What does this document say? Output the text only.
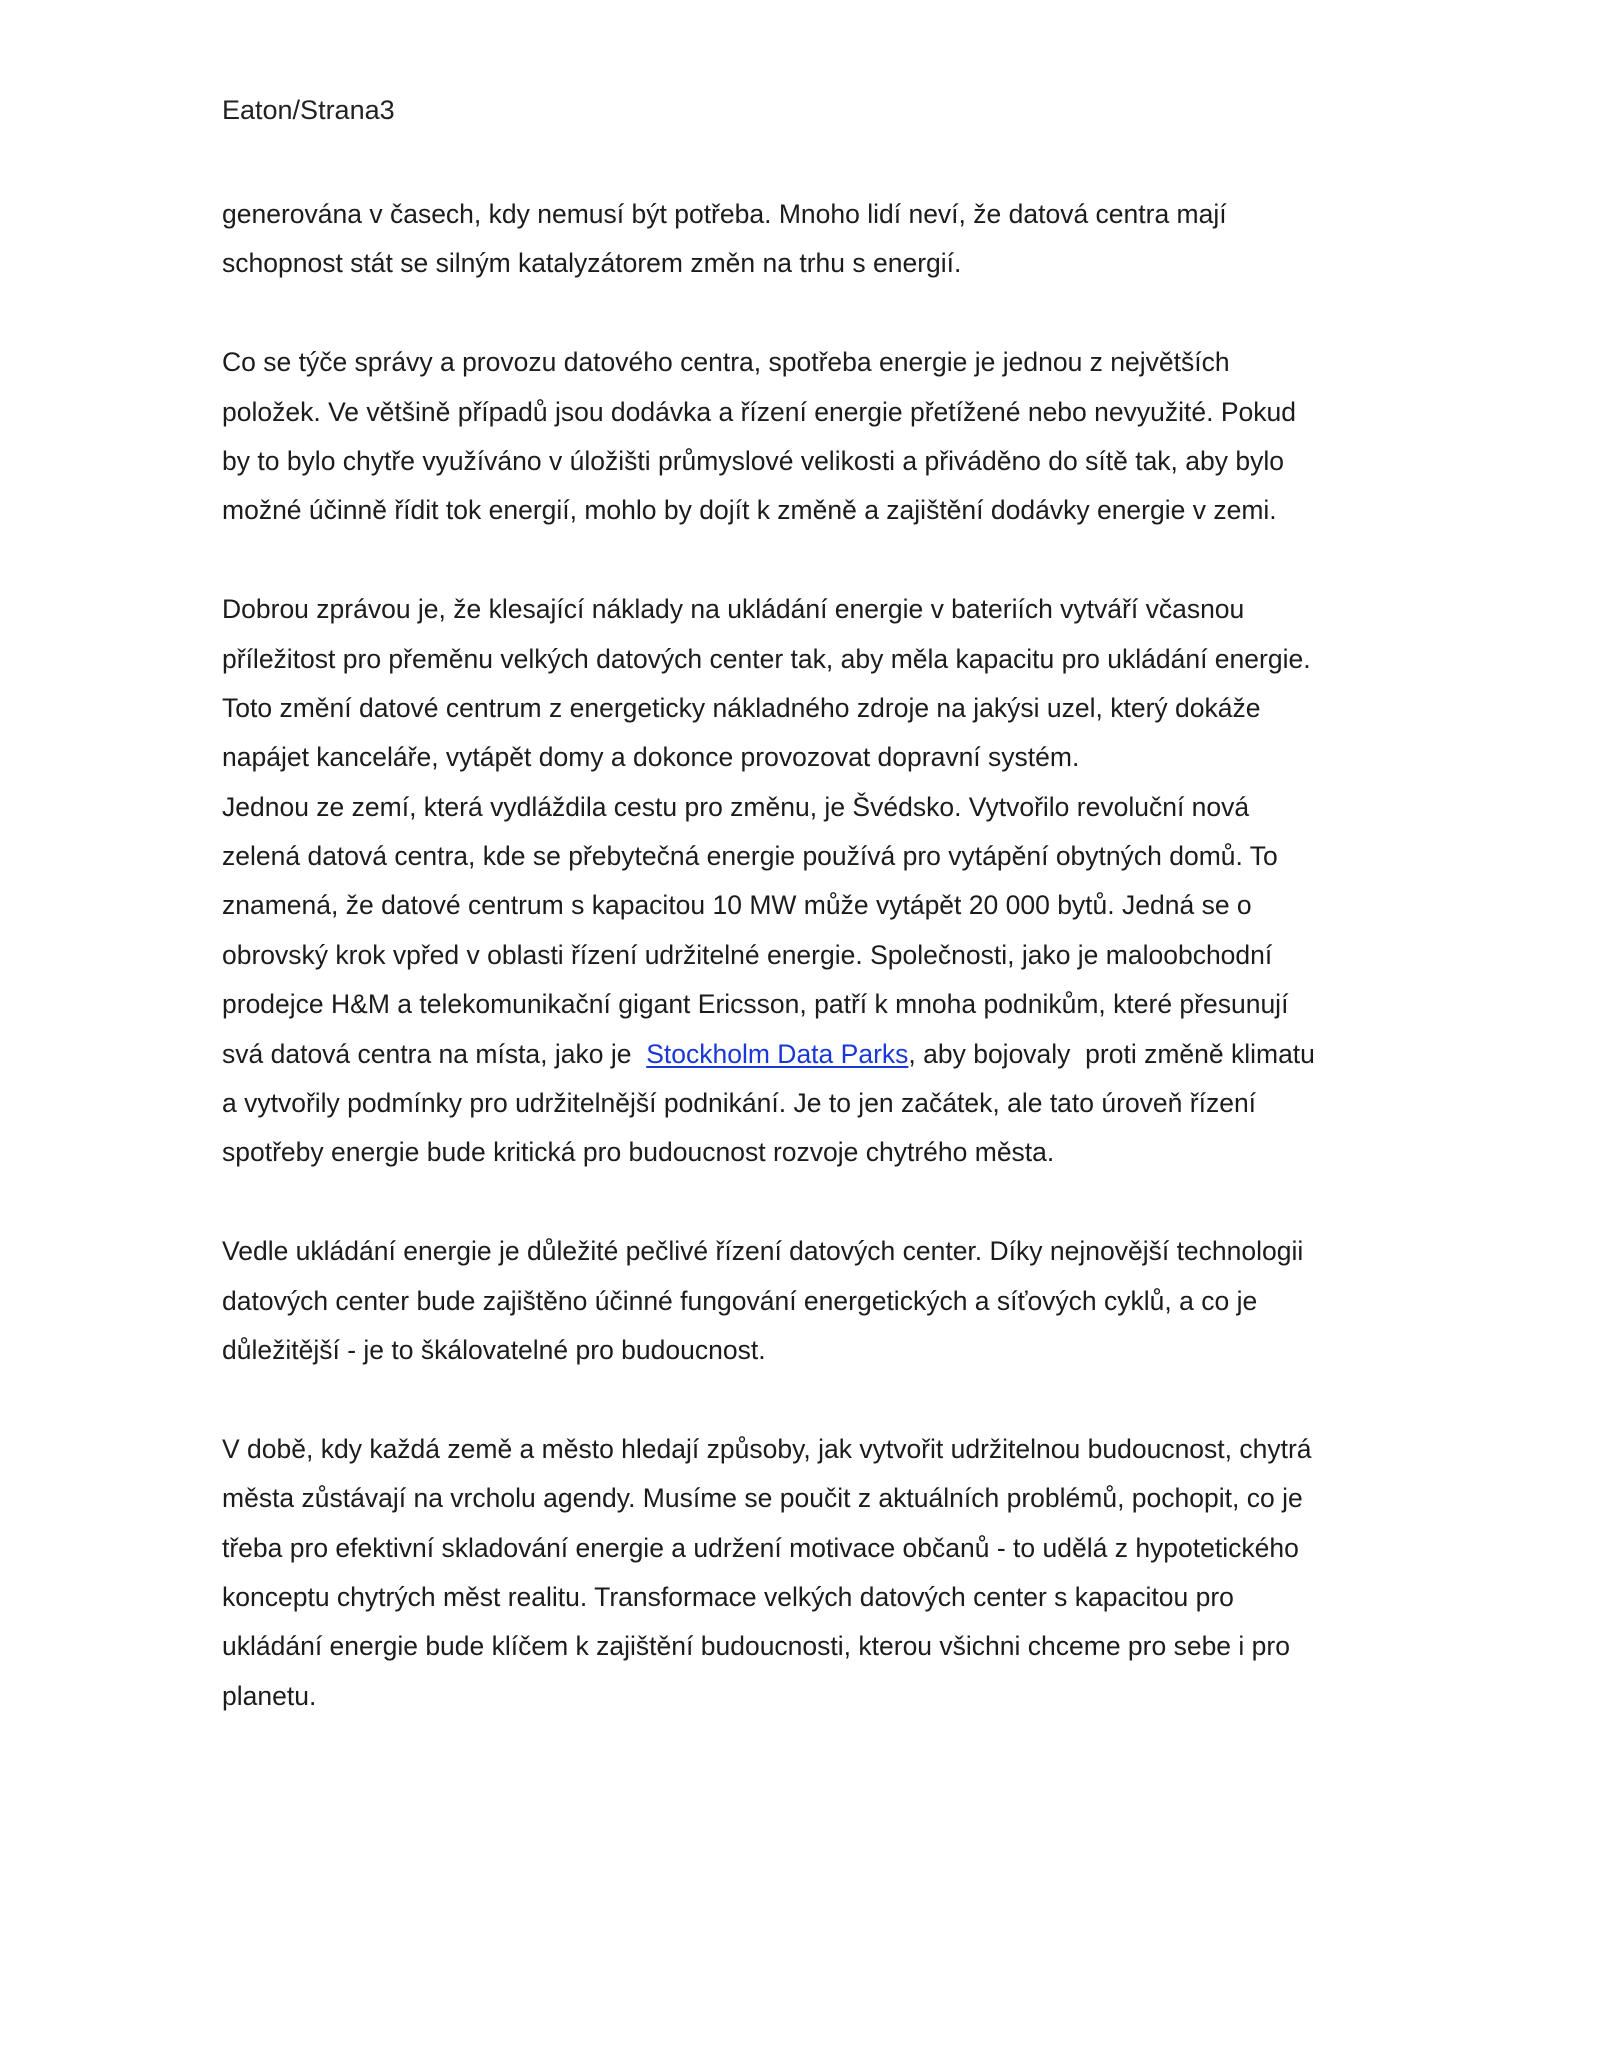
Eaton/Strana3

generována v časech, kdy nemusí být potřeba. Mnoho lidí neví, že datová centra mají
schopnost stát se silným katalyzátorem změn na trhu s energií.

Co se týče správy a provozu datového centra, spotřeba energie je jednou z největších
položek. Ve většině případů jsou dodávka a řízení energie přetížené nebo nevyužité. Pokud
by to bylo chytře využíváno v úložišti průmyslové velikosti a přiváděno do sítě tak, aby bylo
možné účinně řídit tok energií, mohlo by dojít k změně a zajištění dodávky energie v zemi.

Dobrou zprávou je, že klesající náklady na ukládání energie v bateriích vytváří včasnou
příležitost pro přeměnu velkých datových center tak, aby měla kapacitu pro ukládání energie.
Toto změní datové centrum z energeticky nákladného zdroje na jakýsi uzel, který dokáže
napájet kanceláře, vytápět domy a dokonce provozovat dopravní systém.

Jednou ze zemí, která vydláždila cestu pro změnu, je Švédsko. Vytvořilo revoluční nová
zelená datová centra, kde se přebytečná energie používá pro vytápění obytných domů. To
znamená, že datové centrum s kapacitou 10 MW může vytápět 20 000 bytů. Jedná se o
obrovský krok vpřed v oblasti řízení udržitelné energie. Společnosti, jako je maloobchodní
prodejce H&M a telekomunikační gigant Ericsson, patří k mnoha podnikům, které přesunují
svá datová centra na místa, jako je  Stockholm Data Parks, aby bojovaly  proti změně klimatu
a vytvořily podmínky pro udržitelnější podnikání. Je to jen začátek, ale tato úroveň řízení
spotřeby energie bude kritická pro budoucnost rozvoje chytrého města.

Vedle ukládání energie je důležité pečlivé řízení datových center. Díky nejnovější technologii
datových center bude zajištěno účinné fungování energetických a síťových cyklů, a co je
důležitější - je to škálovatelné pro budoucnost.

V době, kdy každá země a město hledají způsoby, jak vytvořit udržitelnou budoucnost, chytrá
města zůstávají na vrcholu agendy. Musíme se poučit z aktuálních problémů, pochopit, co je
třeba pro efektivní skladování energie a udržení motivace občanů - to udělá z hypotetického
konceptu chytrých měst realitu. Transformace velkých datových center s kapacitou pro
ukládání energie bude klíčem k zajištění budoucnosti, kterou všichni chceme pro sebe i pro
planetu.
